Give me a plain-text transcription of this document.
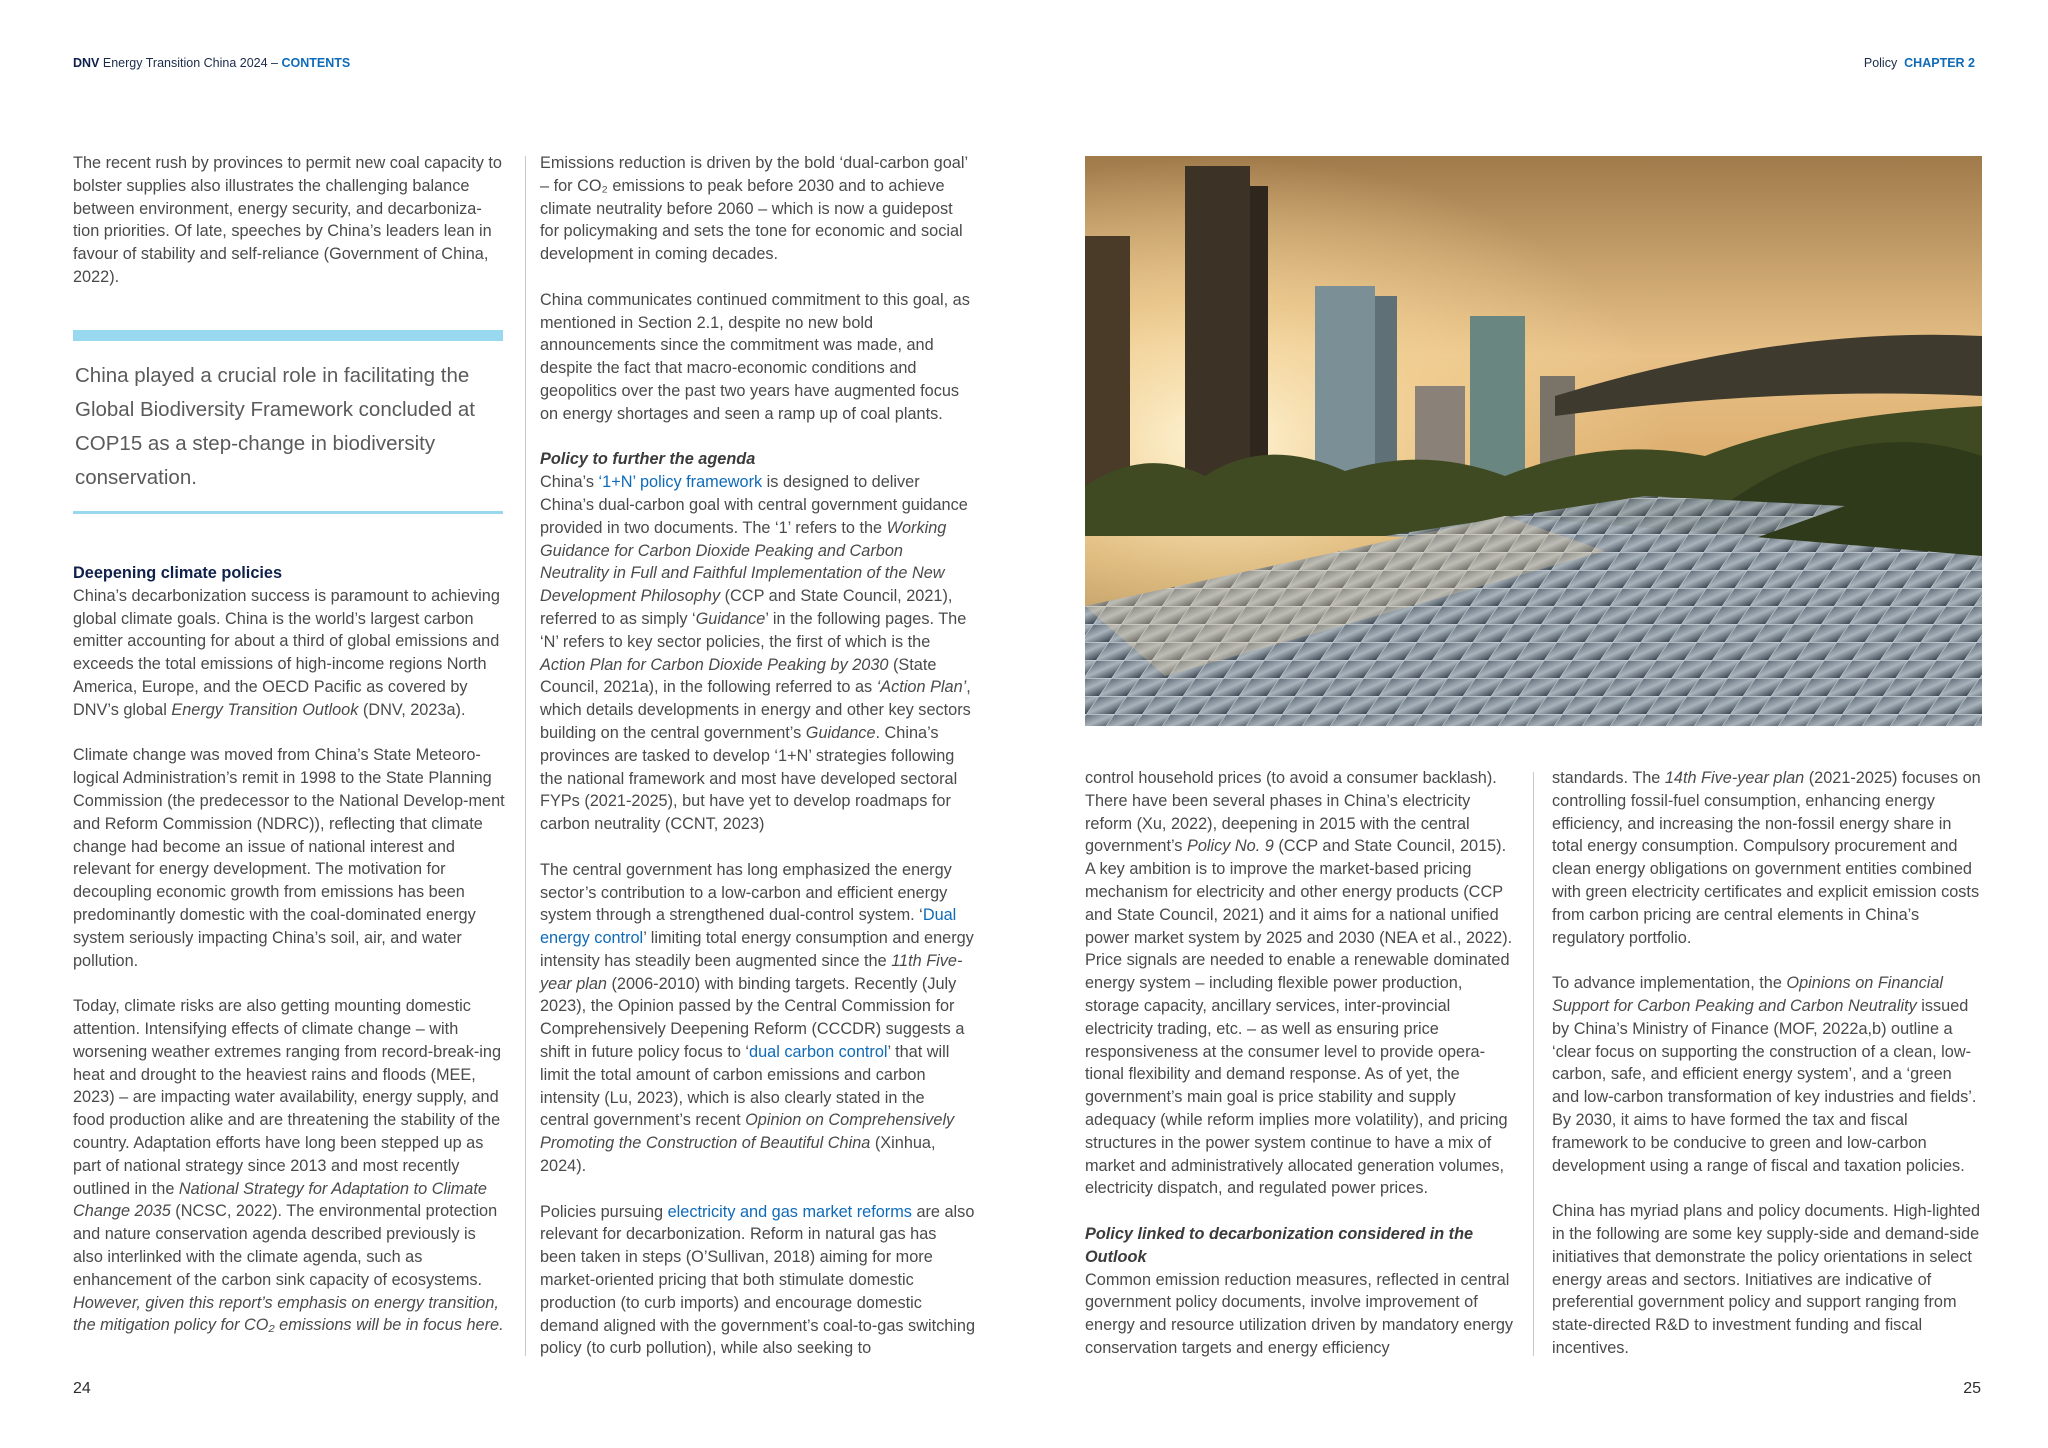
DNV Energy Transition China 2024 – CONTENTS	Policy CHAPTER 2

The recent rush by provinces to permit new coal capacity to bolster supplies also illustrates the challenging balance between environment, energy security, and decarboniza-tion priorities. Of late, speeches by China’s leaders lean in favour of stability and self-reliance (Government of China, 2022).

China played a crucial role in facilitating the Global Biodiversity Framework concluded at COP15 as a step-change in biodiversity conservation.
Deepening climate policies

China’s decarbonization success is paramount to achieving global climate goals. China is the world’s largest carbon emitter accounting for about a third of global emissions and exceeds the total emissions of high-income regions North America, Europe, and the OECD Pacific as covered by DNV’s global Energy Transition Outlook (DNV, 2023a).

Climate change was moved from China’s State Meteoro-logical Administration’s remit in 1998 to the State Planning Commission (the predecessor to the National Develop-ment and Reform Commission (NDRC)), reflecting that climate change had become an issue of national interest and relevant for energy development. The motivation for decoupling economic growth from emissions has been predominantly domestic with the coal-dominated energy system seriously impacting China’s soil, air, and water pollution.

Today, climate risks are also getting mounting domestic attention. Intensifying effects of climate change – with worsening weather extremes ranging from record-break-ing heat and drought to the heaviest rains and floods (MEE, 2023) – are impacting water availability, energy supply, and food production alike and are threatening the stability of the country. Adaptation efforts have long been stepped up as part of national strategy since 2013 and most recently outlined in the National Strategy for Adaptation to Climate Change 2035 (NCSC, 2022). The environmental protection and nature conservation agenda described previously is also interlinked with the climate agenda, such as enhancement of the carbon sink capacity of ecosystems. However, given this report’s emphasis on energy transition, the mitigation policy for CO₂ emissions will be in focus here.

Emissions reduction is driven by the bold ‘dual-carbon goal’ – for CO₂ emissions to peak before 2030 and to achieve climate neutrality before 2060 – which is now a guidepost for policymaking and sets the tone for economic and social development in coming decades.

China communicates continued commitment to this goal, as mentioned in Section 2.1, despite no new bold announcements since the commitment was made, and despite the fact that macro-economic conditions and geopolitics over the past two years have augmented focus on energy shortages and seen a ramp up of coal plants.

Policy to further the agenda

China’s ‘1+N’ policy framework is designed to deliver China’s dual-carbon goal with central government guidance provided in two documents. The ‘1’ refers to the Working Guidance for Carbon Dioxide Peaking and Carbon Neutrality in Full and Faithful Implementation of the New Development Philosophy (CCP and State Council, 2021), referred to as simply ‘Guidance’ in the following pages. The ‘N’ refers to key sector policies, the first of which is the Action Plan for Carbon Dioxide Peaking by 2030 (State Council, 2021a), in the following referred to as ‘Action Plan’, which details developments in energy and other key sectors building on the central government’s Guidance. China’s provinces are tasked to develop ‘1+N’ strategies following the national framework and most have developed sectoral FYPs (2021-2025), but have yet to develop roadmaps for carbon neutrality (CCNT, 2023)

The central government has long emphasized the energy sector’s contribution to a low-carbon and efficient energy system through a strengthened dual-control system. ‘Dual energy control’ limiting total energy consumption and energy intensity has steadily been augmented since the 11th Five-year plan (2006-2010) with binding targets. Recently (July 2023), the Opinion passed by the Central Commission for Comprehensively Deepening Reform (CCCDR) suggests a shift in future policy focus to ‘dual carbon control’ that will limit the total amount of carbon emissions and carbon intensity (Lu, 2023), which is also clearly stated in the central government’s recent Opinion on Comprehensively Promoting the Construction of Beautiful China (Xinhua, 2024).

Policies pursuing electricity and gas market reforms are also relevant for decarbonization. Reform in natural gas has been taken in steps (O’Sullivan, 2018) aiming for more market-oriented pricing that both stimulate domestic production (to curb imports) and encourage domestic demand aligned with the government’s coal-to-gas switching policy (to curb pollution), while also seeking to

control household prices (to avoid a consumer backlash). There have been several phases in China’s electricity reform (Xu, 2022), deepening in 2015 with the central government’s Policy No. 9 (CCP and State Council, 2015). A key ambition is to improve the market-based pricing mechanism for electricity and other energy products (CCP and State Council, 2021) and it aims for a national unified power market system by 2025 and 2030 (NEA et al., 2022). Price signals are needed to enable a renewable dominated energy system – including flexible power production, storage capacity, ancillary services, inter-provincial electricity trading, etc. – as well as ensuring price responsiveness at the consumer level to provide opera-tional flexibility and demand response. As of yet, the government’s main goal is price stability and supply adequacy (while reform implies more volatility), and pricing structures in the power system continue to have a mix of market and administratively allocated generation volumes, electricity dispatch, and regulated power prices.

Policy linked to decarbonization considered in the Outlook

Common emission reduction measures, reflected in central government policy documents, involve improvement of energy and resource utilization driven by mandatory energy conservation targets and energy efficiency

standards. The 14th Five-year plan (2021-2025) focuses on controlling fossil-fuel consumption, enhancing energy efficiency, and increasing the non-fossil energy share in total energy consumption. Compulsory procurement and clean energy obligations on government entities combined with green electricity certificates and explicit emission costs from carbon pricing are central elements in China’s regulatory portfolio.

To advance implementation, the Opinions on Financial Support for Carbon Peaking and Carbon Neutrality issued by China’s Ministry of Finance (MOF, 2022a,b) outline a ‘clear focus on supporting the construction of a clean, low-carbon, safe, and efficient energy system’, and a ‘green and low-carbon transformation of key industries and fields’. By 2030, it aims to have formed the tax and fiscal framework to be conducive to green and low-carbon development using a range of fiscal and taxation policies.

China has myriad plans and policy documents. High-lighted in the following are some key supply-side and demand-side initiatives that demonstrate the policy orientations in select energy areas and sectors. Initiatives are indicative of preferential government policy and support ranging from state-directed R&D to investment funding and fiscal incentives.

24	25
